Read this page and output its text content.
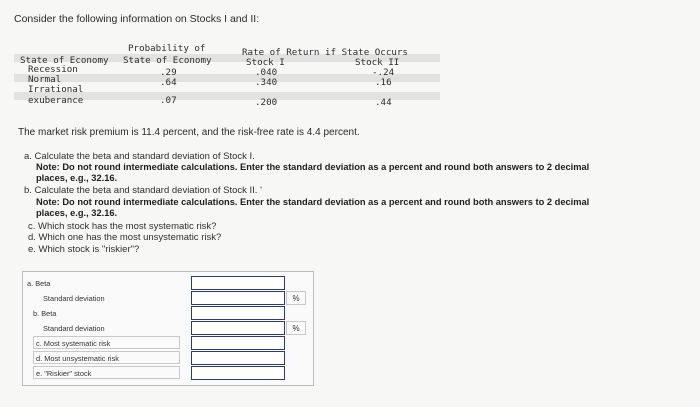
Consider the following information on Stocks I and II:
Probability of	Rate of Return if State Occurs
State of Economy State of Economy	Stock I	Stock II
Recession	.29	.040	-.24
Normal	.64	.340	.16
Irrational
exuberance	.07	.200	.44
The market risk premium is 11.4 percent, and the risk-free rate is 4.4 percent.
a. Calculate the beta and standard deviation of Stock I.
Note: Do not round intermediate calculations. Enter the standard deviation as a percent and round both answers to 2 decimal
places, e.g., 32.16.
b. Calculate the beta and standard deviation of Stock II. '
Note: Do not round intermediate calculations. Enter the standard deviation as a percent and round both answers to 2 decimal
places, e.g., 32.16.
c. Which stock has the most systematic risk?
d. Which one has the most unsystematic risk?
e. Which stock is "riskier"?
a. Beta
Standard deviation	%
b. Beta
Standard deviation	%
c. Most systematic risk
d. Most unsystematic risk
e. "Riskier" stock
